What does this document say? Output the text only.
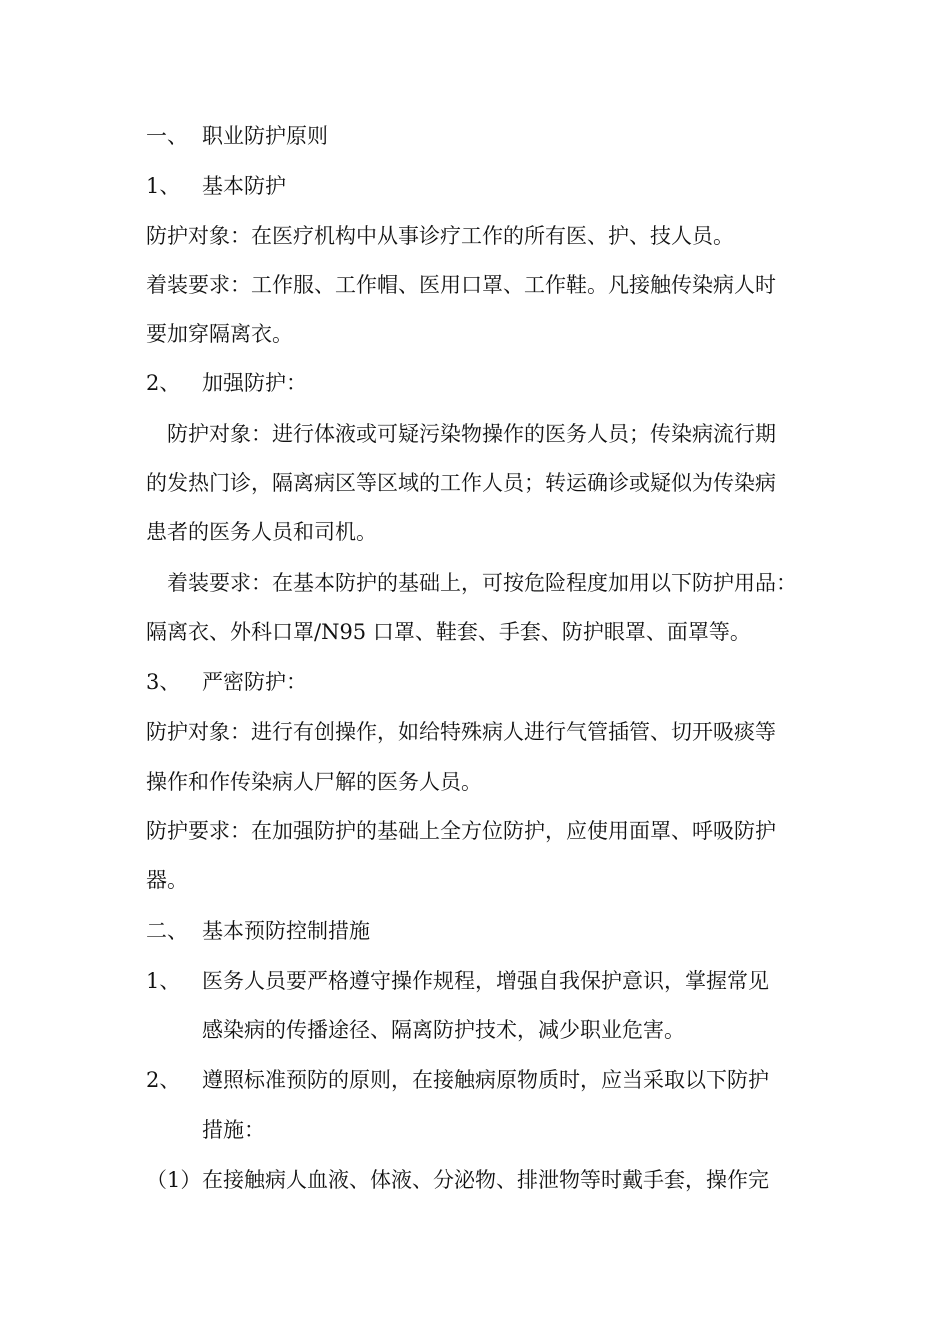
一、 职业防护原则
1、 基本防护
防护对象：在医疗机构中从事诊疗工作的所有医、护、技人员。
着装要求：工作服、工作帽、医用口罩、工作鞋。凡接触传染病人时
要加穿隔离衣。
2、 加强防护：
防护对象：进行体液或可疑污染物操作的医务人员；传染病流行期
的发热门诊，隔离病区等区域的工作人员；转运确诊或疑似为传染病
患者的医务人员和司机。
着装要求：在基本防护的基础上，可按危险程度加用以下防护用品：
隔离衣、外科口罩/N95 口罩、鞋套、手套、防护眼罩、面罩等。
3、 严密防护：
防护对象：进行有创操作，如给特殊病人进行气管插管、切开吸痰等
操作和作传染病人尸解的医务人员。
防护要求：在加强防护的基础上全方位防护，应使用面罩、呼吸防护
器。
二、 基本预防控制措施
1、 医务人员要严格遵守操作规程，增强自我保护意识，掌握常见
感染病的传播途径、隔离防护技术，减少职业危害。
2、 遵照标准预防的原则，在接触病原物质时，应当采取以下防护
措施：
（1） 在接触病人血液、体液、分泌物、排泄物等时戴手套，操作完
